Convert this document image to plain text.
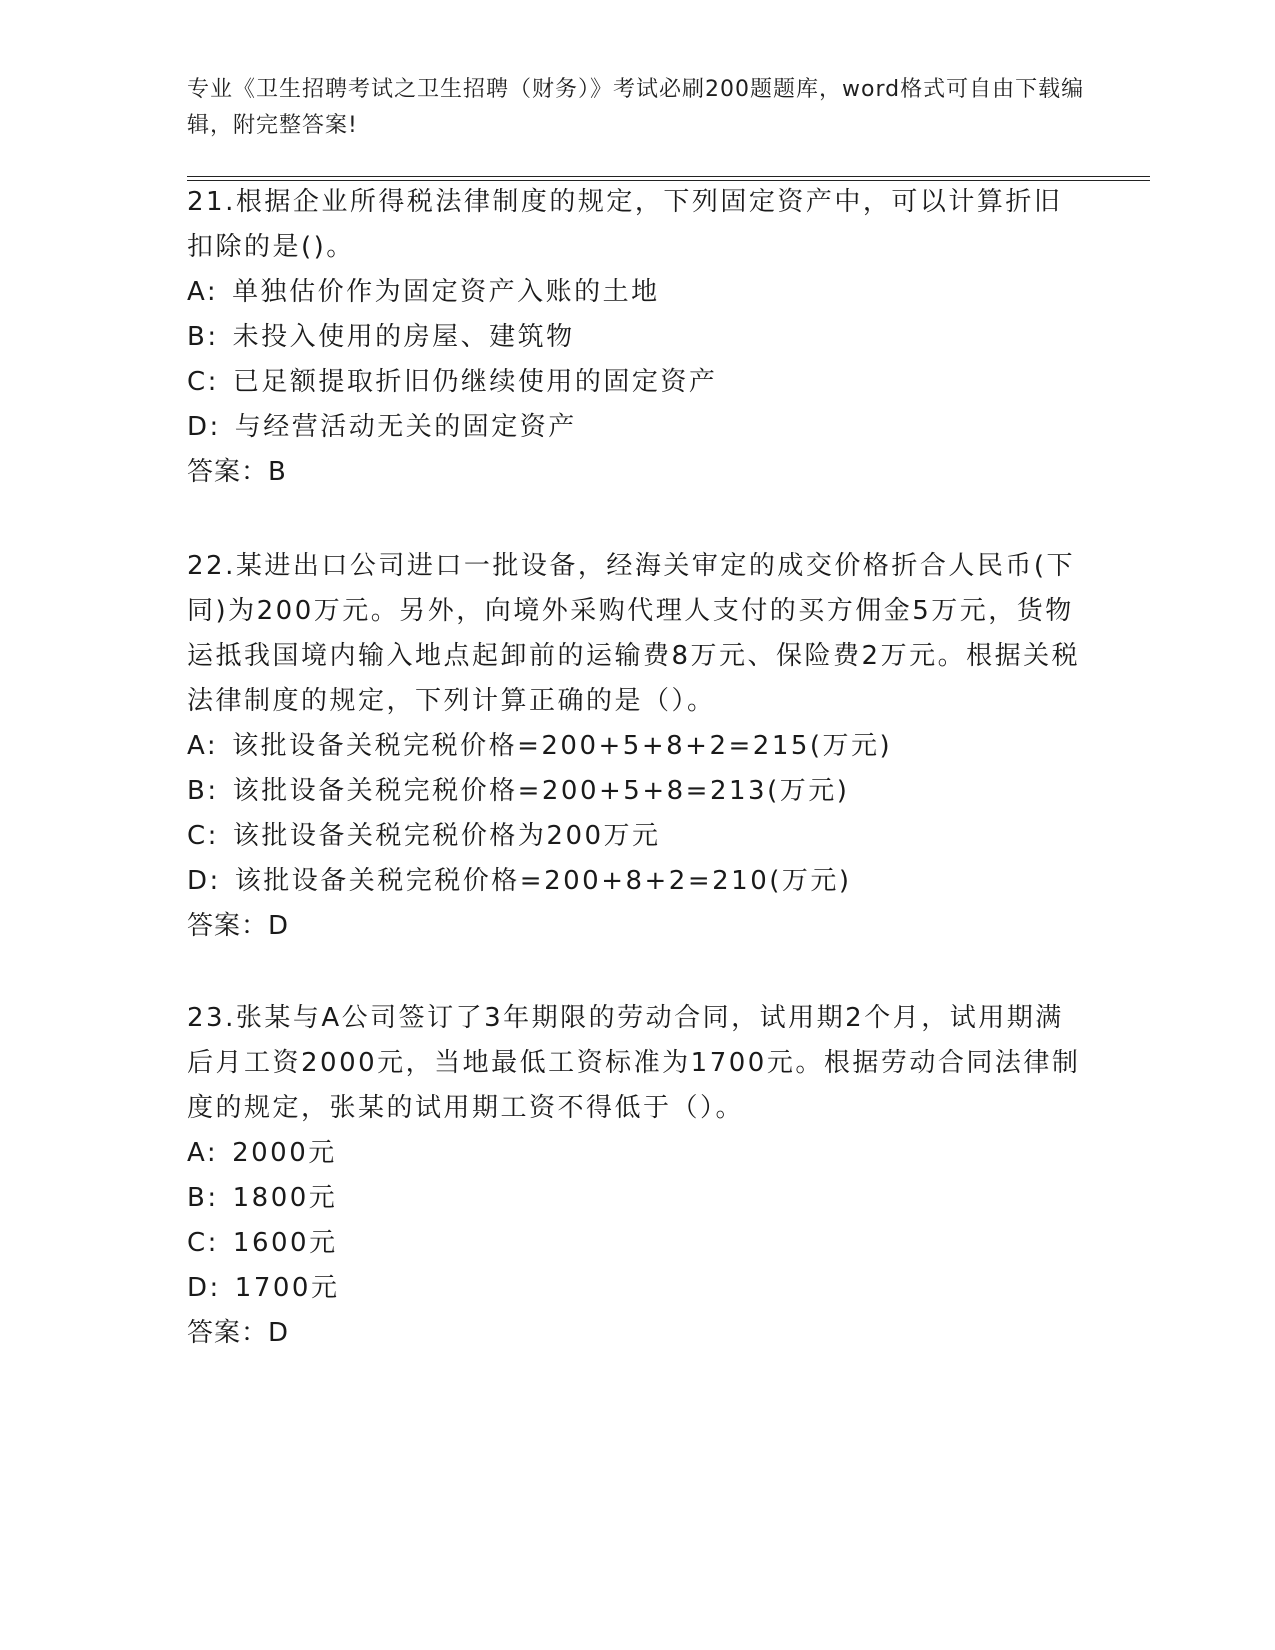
专业《卫生招聘考试之卫生招聘（财务）》考试必刷200题题库，word格式可自由下载编辑，附完整答案!
21.根据企业所得税法律制度的规定，下列固定资产中，可以计算折旧扣除的是()。
A: 单独估价作为固定资产入账的土地
B: 未投入使用的房屋、建筑物
C: 已足额提取折旧仍继续使用的固定资产
D: 与经营活动无关的固定资产
答案：B
22.某进出口公司进口一批设备，经海关审定的成交价格折合人民币(下同)为200万元。另外，向境外采购代理人支付的买方佣金5万元，货物运抵我国境内输入地点起卸前的运输费8万元、保险费2万元。根据关税法律制度的规定，下列计算正确的是（）。
A: 该批设备关税完税价格=200+5+8+2=215(万元)
B: 该批设备关税完税价格=200+5+8=213(万元)
C: 该批设备关税完税价格为200万元
D: 该批设备关税完税价格=200+8+2=210(万元)
答案：D
23.张某与A公司签订了3年期限的劳动合同，试用期2个月，试用期满后月工资2000元，当地最低工资标准为1700元。根据劳动合同法律制度的规定，张某的试用期工资不得低于（）。
A: 2000元
B: 1800元
C: 1600元
D: 1700元
答案：D
